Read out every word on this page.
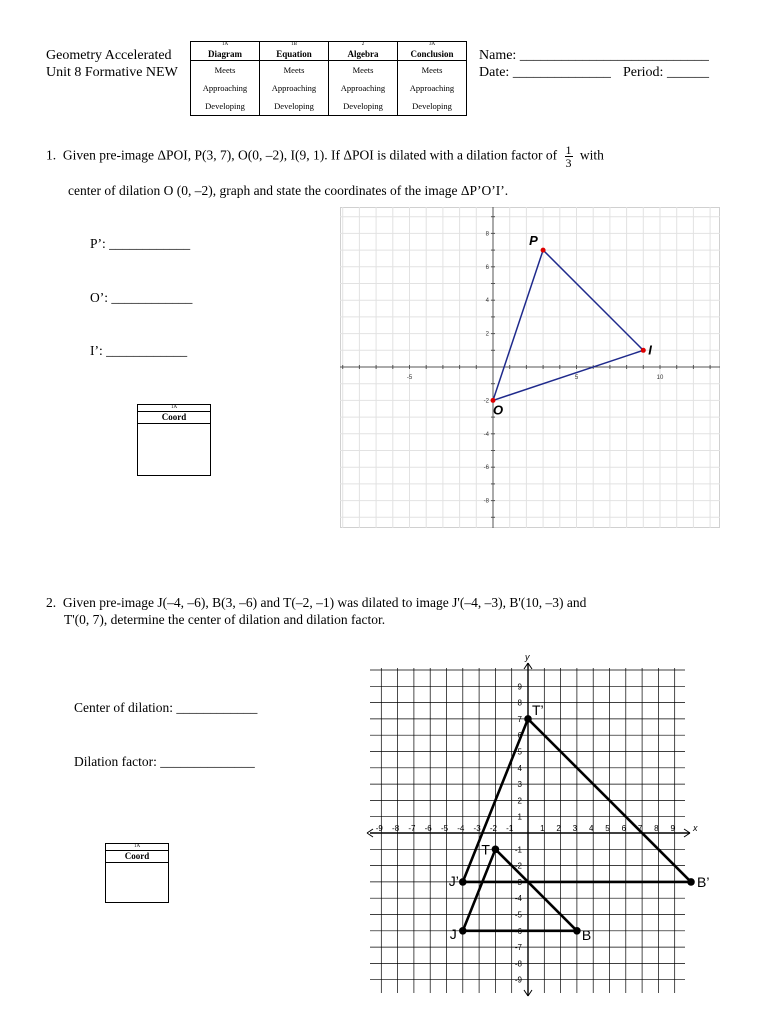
Geometry Accelerated
Unit 8 Formative NEW
1A	1B	2	3A
Diagram	Equation	Algebra	Conclusion
Meets	Meets	Meets	Meets
Approaching	Approaching	Approaching	Approaching
Developing	Developing	Developing	Developing
Name: ___________________________
Date: ______________ Period: ______
1. Given pre-image ΔPOI, P(3, 7), O(0, –2), I(9, 1). If ΔPOI is dilated with a dilation factor of $\frac{1}{3}$ with
center of dilation O (0, –2), graph and state the coordinates of the image ΔP’O’I’.
P’: ____________
O’: ____________
I’: ____________
1A
Coord
-5	5	10
8
6
4
2
-2
-4
-6
-8
P
O
I
2. Given pre-image J(–4, –6), B(3, –6) and T(–2, –1) was dilated to image J'(–4, –3), B'(10, –3) and
T'(0, 7), determine the center of dilation and dilation factor.
Center of dilation: ____________
Dilation factor: ______________
1A
Coord
x
y
-9 -8 -7 -6 -5 -4 -3 -2 -1	1 2 3 4 5 6 7 8 9
9
8
7
6
5
4
3
2
1
-1
-2
-3
-4
-5
-6
-7
-8
-9
J	B
T
J’	B’
T’
